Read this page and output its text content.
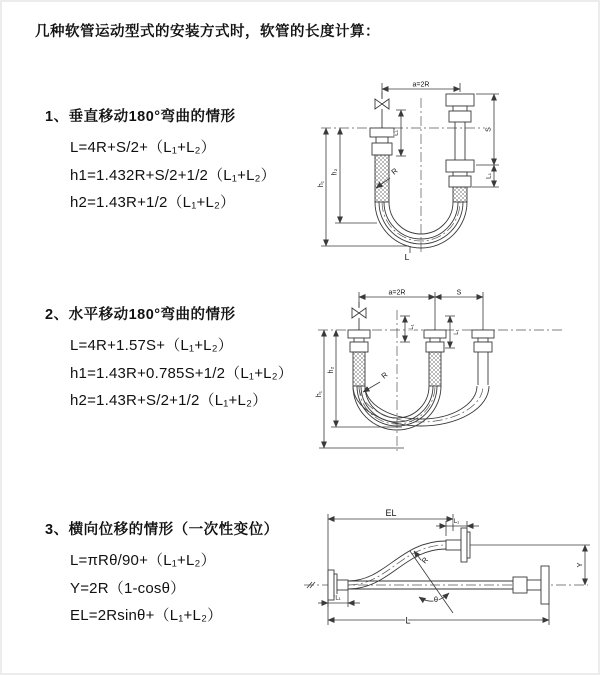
几种软管运动型式的安装方式时，软管的长度计算：
1、垂直移动180°弯曲的情形
L=4R+S/2+（L₁+L₂）
h1=1.432R+S/2+1/2（L₁+L₂）
h2=1.43R+1/2（L₁+L₂）
a=2R
R
L
S
L₁
h₁
h₂
L₁
2、水平移动180°弯曲的情形
L=4R+1.57S+（L₁+L₂）
h1=1.43R+0.785S+1/2（L₁+L₂）
h2=1.43R+S/2+1/2（L₁+L₂）
a=2R	S
h₁
h₂
L₁
L₁
R
3、横向位移的情形（一次性变位）
L=πRθ/90+（L₁+L₂）
Y=2R（1-cosθ）
EL=2Rsinθ+（L₁+L₂）
EL
L₁
Y
R
θ
L
L₁
